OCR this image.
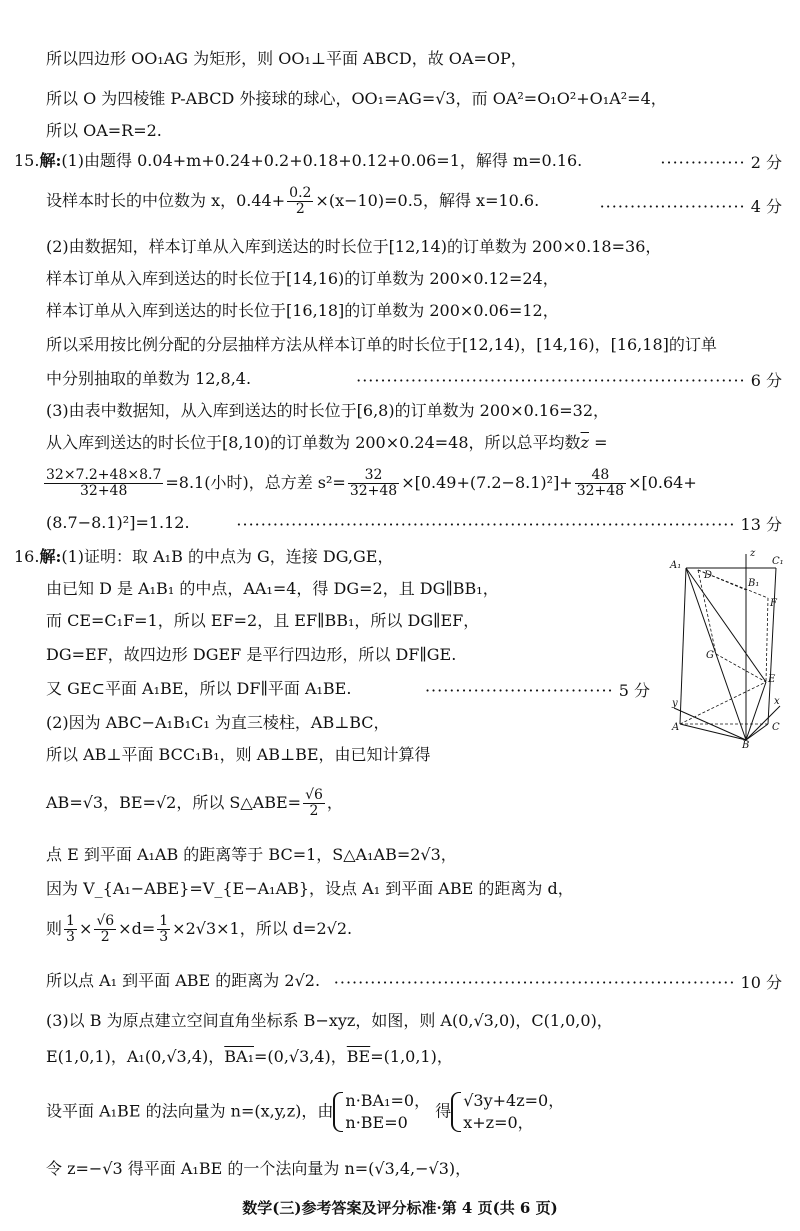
所以四边形 OO₁AG 为矩形，则 OO₁⊥平面 ABCD，故 OA=OP，
所以 O 为四棱锥 P-ABCD 外接球的球心，OO₁=AG=√3，而 OA²=O₁O²+O₁A²=4，
所以 OA=R=2.
15.解:(1)由题得 0.04+m+0.24+0.2+0.18+0.12+0.06=1，解得 m=0.16.	·············· 2 分
设样本时长的中位数为 x，$0.44+ \frac{0.2}{2} \times(x-10)=0.5$，解得 x=10.6.	························ 4 分
(2)由数据知，样本订单从入库到送达的时长位于[12,14)的订单数为 200×0.18=36，
样本订单从入库到送达的时长位于[14,16)的订单数为 200×0.12=24，
样本订单从入库到送达的时长位于[16,18]的订单数为 200×0.06=12，
所以采用按比例分配的分层抽样方法从样本订单的时长位于[12,14)，[14,16)，[16,18]的订单
中分别抽取的单数为 12,8,4.	································································ 6 分
(3)由表中数据知，从入库到送达的时长位于[6,8)的订单数为 200×0.16=32，
从入库到送达的时长位于[8,10)的订单数为 200×0.24=48，所以总平均数$\overline{z}$ =
$\frac{32\times 7.2+48\times 8.7}{32+48} =8.1$(小时)，总方差 $s^2= \frac{32}{32+48} \times[0.49+(7.2-8.1)^2]+ \frac{48}{32+48} \times[0.64+$
(8.7−8.1)²]=1.12.	·················································································· 13 分
16.解:(1)证明：取 A₁B 的中点为 G，连接 DG,GE，
由已知 D 是 A₁B₁ 的中点，AA₁=4，得 DG=2，且 DG∥BB₁，
而 CE=C₁F=1，所以 EF=2，且 EF∥BB₁，所以 DG∥EF，
DG=EF，故四边形 DGEF 是平行四边形，所以 DF∥GE.
又 GE⊂平面 A₁BE，所以 DF∥平面 A₁BE.	······························· 5 分
(2)因为 ABC−A₁B₁C₁ 为直三棱柱，AB⊥BC，
所以 AB⊥平面 BCC₁B₁，则 AB⊥BE，由已知计算得
AB=√3，BE=√2，所以 S△ABE= $\frac{√6}{2}$ ，
点 E 到平面 A₁AB 的距离等于 BC=1，S△A₁AB=2√3，
因为 V_{A₁−ABE}=V_{E−A₁AB}，设点 A₁ 到平面 ABE 的距离为 d，
则 $\frac{1}{3} \times \frac{√6}{2} \times d= \frac{1}{3} \times 2√3\times 1$，所以 d=2√2.
所以点 A₁ 到平面 ABE 的距离为 2√2. ·································································· 10 分
(3)以 B 为原点建立空间直角坐标系 B−xyz，如图，则 A(0,√3,0)，C(1,0,0)，
E(1,0,1)，A₁(0,√3,4)，BA₁=(0,√3,4)，$\overline{BE}=(1,0,1)$，
设平面 A₁BE 的法向量为 n=(x,y,z)，由
n·BA₁=0，
n·BE=0
得
√3y+4z=0，
x+z=0，
令 z=−√3 得平面 A₁BE 的一个法向量为 n=(√3,4,−√3)，
A₁
D
B₁
C₁
z
F
G
E
y	x
A
B
C
数学(三)参考答案及评分标准·第 4 页(共 6 页)
